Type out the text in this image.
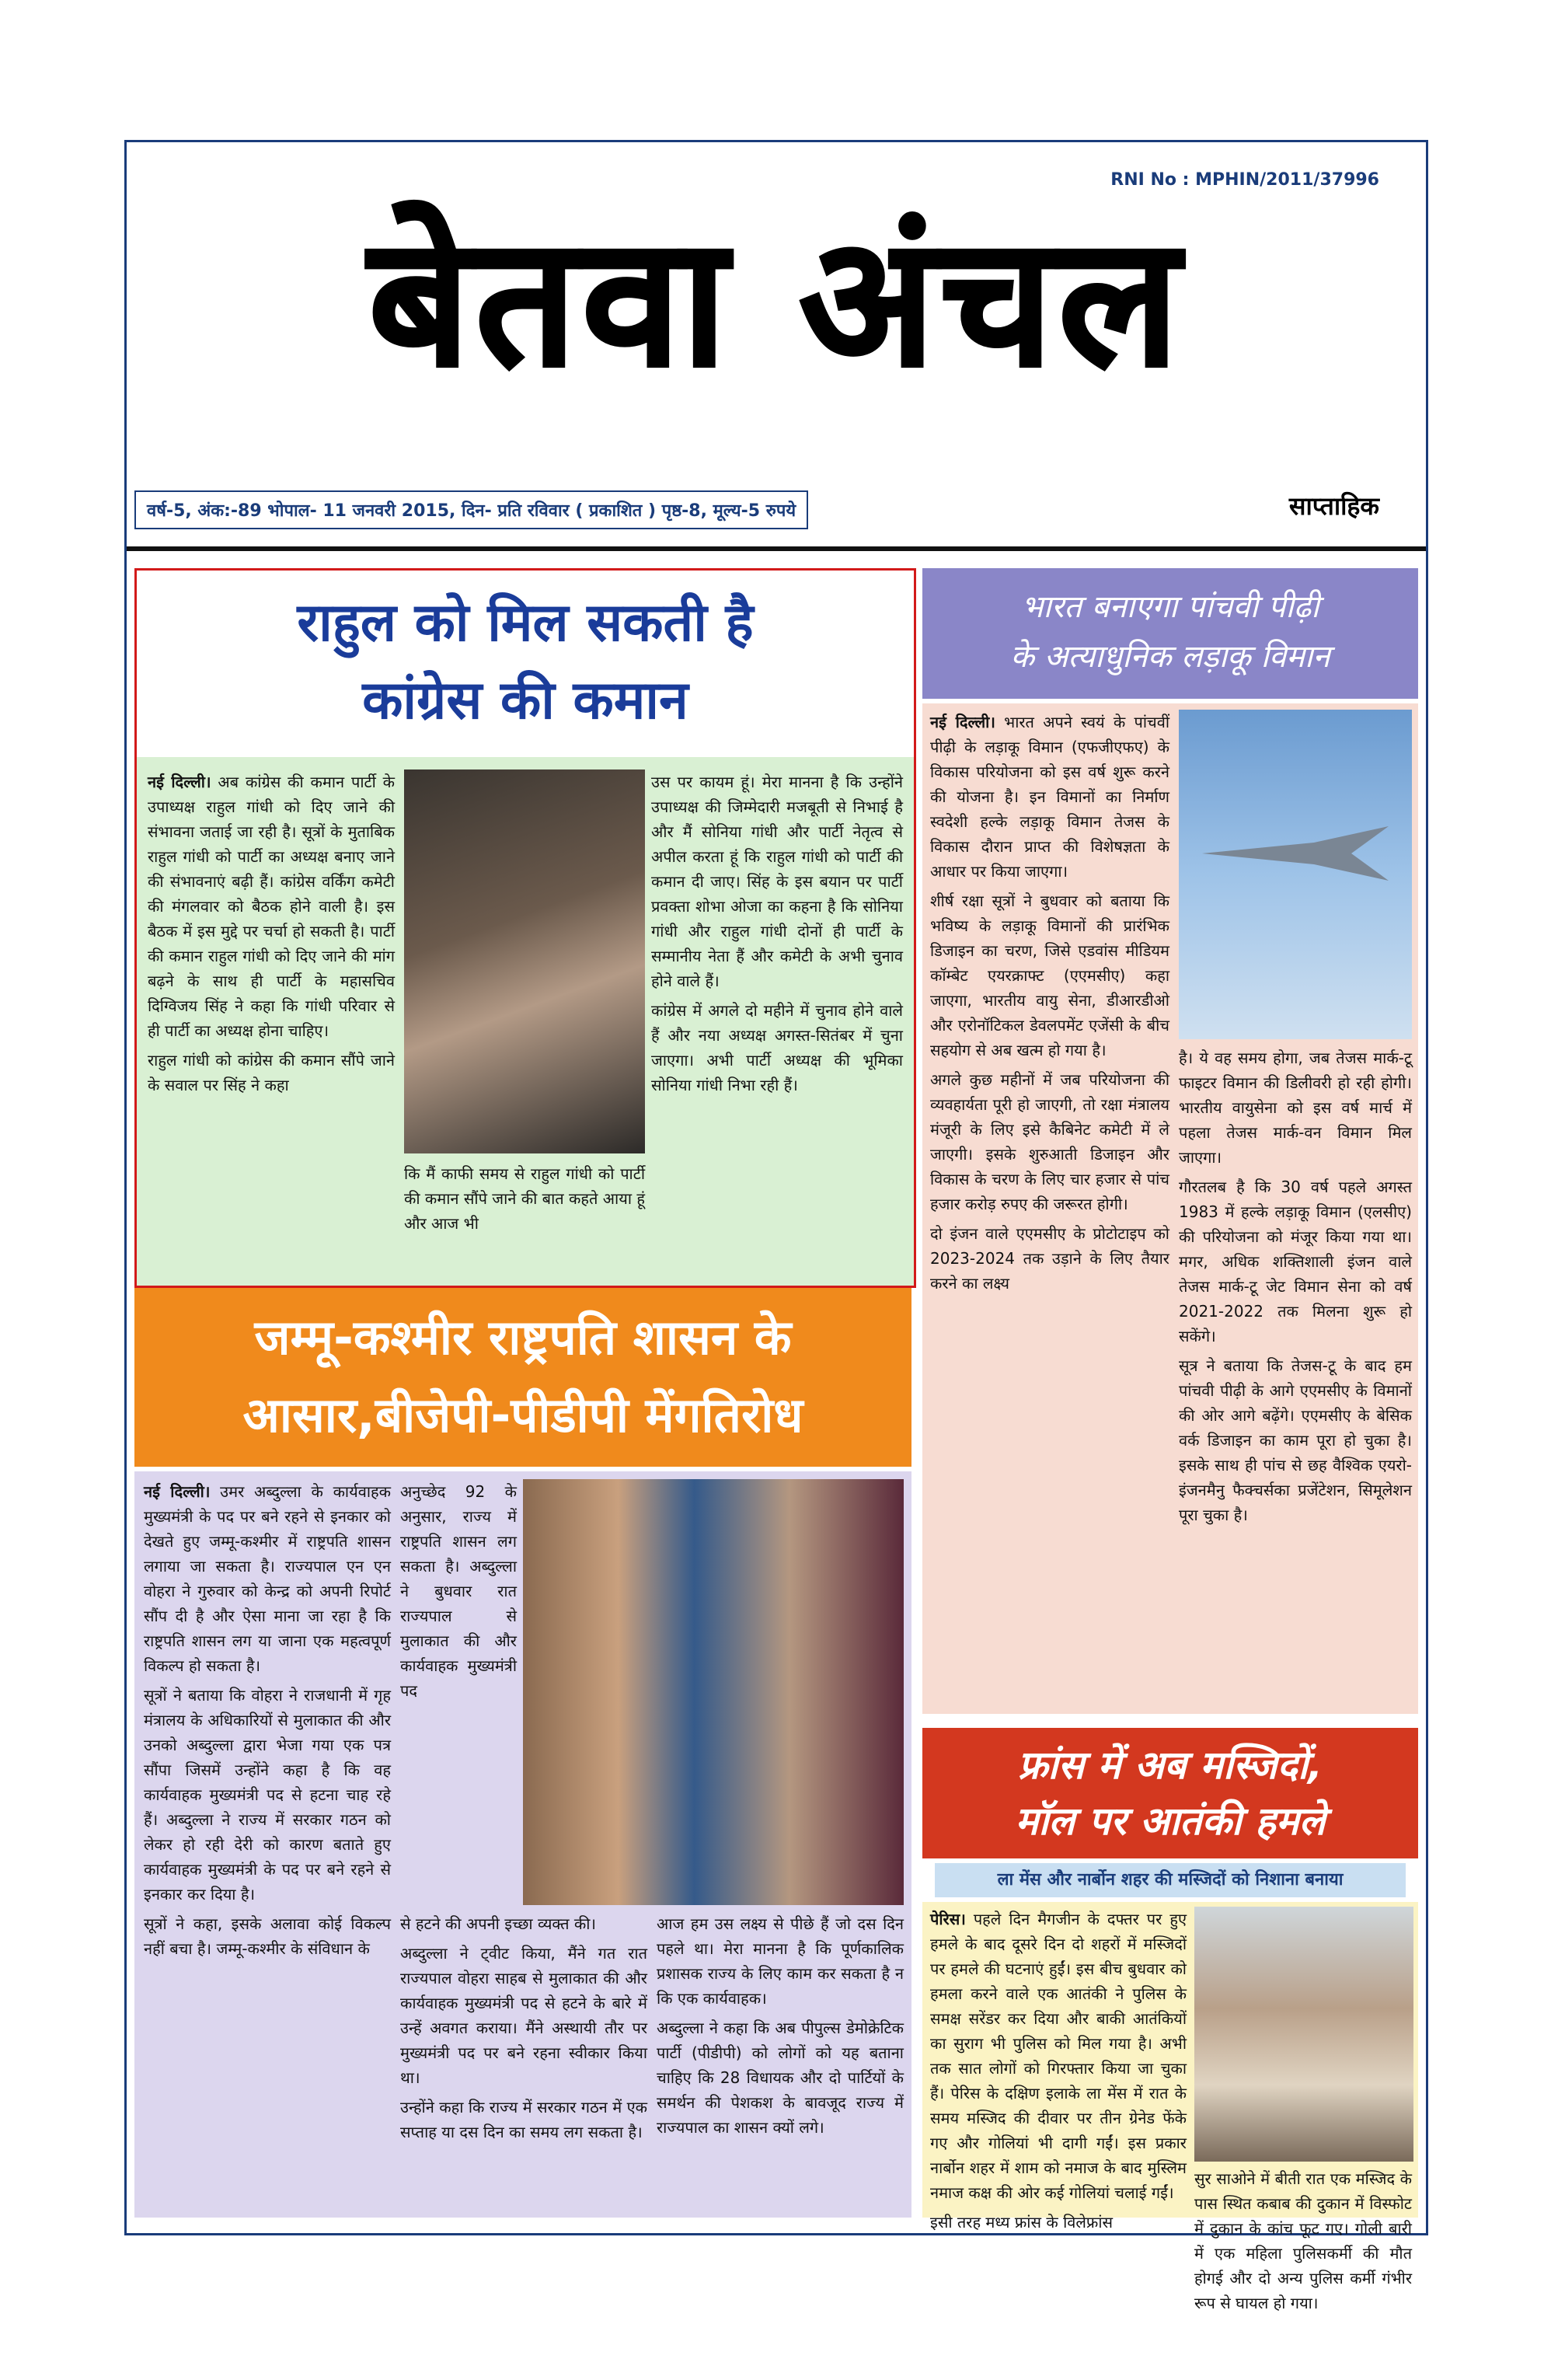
RNI No : MPHIN/2011/37996
बेतवा अंचल
वर्ष-5, अंक:-89 भोपाल- 11 जनवरी 2015, दिन- प्रति रविवार ( प्रकाशित ) पृष्ठ-8, मूल्य-5 रुपये	साप्ताहिक
राहुल को मिल सकती है
कांग्रेस की कमान

नई दिल्ली। अब कांग्रेस की कमान पार्टी के उपाध्यक्ष राहुल गांधी को दिए जाने की संभावना जताई जा रही है। सूत्रों के मुताबिक राहुल गांधी को पार्टी का अध्यक्ष बनाए जाने की संभावनाएं बढ़ी हैं। कांग्रेस वर्किंग कमेटी की मंगलवार को बैठक होने वाली है। इस बैठक में इस मुद्दे पर चर्चा हो सकती है। पार्टी की कमान राहुल गांधी को दिए जाने की मांग बढ़ने के साथ ही पार्टी के महासचिव दिग्विजय सिंह ने कहा कि गांधी परिवार से ही पार्टी का अध्यक्ष होना चाहिए।

राहुल गांधी को कांग्रेस की कमान सौंपे जाने के सवाल पर सिंह ने कहा

कि मैं काफी समय से राहुल गांधी को पार्टी की कमान सौंपे जाने की बात कहते आया हूं और आज भी

उस पर कायम हूं। मेरा मानना है कि उन्होंने उपाध्यक्ष की जिम्मेदारी मजबूती से निभाई है और मैं सोनिया गांधी और पार्टी नेतृत्व से अपील करता हूं कि राहुल गांधी को पार्टी की कमान दी जाए। सिंह के इस बयान पर पार्टी प्रवक्ता शोभा ओजा का कहना है कि सोनिया गांधी और राहुल गांधी दोनों ही पार्टी के सम्मानीय नेता हैं और कमेटी के अभी चुनाव होने वाले हैं।

कांग्रेस में अगले दो महीने में चुनाव होने वाले हैं और नया अध्यक्ष अगस्त-सितंबर में चुना जाएगा। अभी पार्टी अध्यक्ष की भूमिका सोनिया गांधी निभा रही हैं।

जम्मू-कश्मीर राष्ट्रपति शासन के
आसार,बीजेपी-पीडीपी मेंगतिरोध

नई दिल्ली। उमर अब्दुल्ला के कार्यवाहक मुख्यमंत्री के पद पर बने रहने से इनकार को देखते हुए जम्मू-कश्मीर में राष्ट्रपति शासन लगाया जा सकता है। राज्यपाल एन एन वोहरा ने गुरुवार को केन्द्र को अपनी रिपोर्ट सौंप दी है और ऐसा माना जा रहा है कि राष्ट्रपति शासन लग या जाना एक महत्वपूर्ण विकल्प हो सकता है।

सूत्रों ने बताया कि वोहरा ने राजधानी में गृह मंत्रालय के अधिकारियों से मुलाकात की और उनको अब्दुल्ला द्वारा भेजा गया एक पत्र सौंपा जिसमें उन्होंने कहा है कि वह कार्यवाहक मुख्यमंत्री पद से हटना चाह रहे हैं। अब्दुल्ला ने राज्य में सरकार गठन को लेकर हो रही देरी को कारण बताते हुए कार्यवाहक मुख्यमंत्री के पद पर बने रहने से इनकार कर दिया है।

सूत्रों ने कहा, इसके अलावा कोई विकल्प नहीं बचा है। जम्मू-कश्मीर के संविधान के

अनुच्छेद 92 के अनुसार, राज्य में राष्ट्रपति शासन लग सकता है। अब्दुल्ला ने बुधवार रात राज्यपाल से मुलाकात की और कार्यवाहक मुख्यमंत्री पद

से हटने की अपनी इच्छा व्यक्त की।

अब्दुल्ला ने ट्वीट किया, मैंने गत रात राज्यपाल वोहरा साहब से मुलाकात की और कार्यवाहक मुख्यमंत्री पद से हटने के बारे में उन्हें अवगत कराया। मैंने अस्थायी तौर पर मुख्यमंत्री पद पर बने रहना स्वीकार किया था।

उन्होंने कहा कि राज्य में सरकार गठन में एक सप्ताह या दस दिन का समय लग सकता है।

आज हम उस लक्ष्य से पीछे हैं जो दस दिन पहले था। मेरा मानना है कि पूर्णकालिक प्रशासक राज्य के लिए काम कर सकता है न कि एक कार्यवाहक।

अब्दुल्ला ने कहा कि अब पीपुल्स डेमोक्रेटिक पार्टी (पीडीपी) को लोगों को यह बताना चाहिए कि 28 विधायक और दो पार्टियों के समर्थन की पेशकश के बावजूद राज्य में राज्यपाल का शासन क्यों लगे।

भारत बनाएगा पांचवी पीढ़ी
के अत्याधुनिक लड़ाकू विमान

नई दिल्ली। भारत अपने स्वयं के पांचवीं पीढ़ी के लड़ाकू विमान (एफजीएफए) के विकास परियोजना को इस वर्ष शुरू करने की योजना है। इन विमानों का निर्माण स्वदेशी हल्के लड़ाकू विमान तेजस के विकास दौरान प्राप्त की विशेषज्ञता के आधार पर किया जाएगा।

शीर्ष रक्षा सूत्रों ने बुधवार को बताया कि भविष्य के लड़ाकू विमानों की प्रारंभिक डिजाइन का चरण, जिसे एडवांस मीडियम कॉम्बेट एयरक्राफ्ट (एएमसीए) कहा जाएगा, भारतीय वायु सेना, डीआरडीओ और एरोनॉटिकल डेवलपमेंट एजेंसी के बीच सहयोग से अब खत्म हो गया है।

अगले कुछ महीनों में जब परियोजना की व्यवहार्यता पूरी हो जाएगी, तो रक्षा मंत्रालय मंजूरी के लिए इसे कैबिनेट कमेटी में ले जाएगी। इसके शुरुआती डिजाइन और विकास के चरण के लिए चार हजार से पांच हजार करोड़ रुपए की जरूरत होगी।

दो इंजन वाले एएमसीए के प्रोटोटाइप को 2023-2024 तक उड़ाने के लिए तैयार करने का लक्ष्य

है। ये वह समय होगा, जब तेजस मार्क-टू फाइटर विमान की डिलीवरी हो रही होगी। भारतीय वायुसेना को इस वर्ष मार्च में पहला तेजस मार्क-वन विमान मिल जाएगा।

गौरतलब है कि 30 वर्ष पहले अगस्त 1983 में हल्के लड़ाकू विमान (एलसीए) की परियोजना को मंजूर किया गया था। मगर, अधिक शक्तिशाली इंजन वाले तेजस मार्क-टू जेट विमान सेना को वर्ष 2021-2022 तक मिलना शुरू हो सकेंगे।

सूत्र ने बताया कि तेजस-टू के बाद हम पांचवी पीढ़ी के आगे एएमसीए के विमानों की ओर आगे बढ़ेंगे। एएमसीए के बेसिक वर्क डिजाइन का काम पूरा हो चुका है। इसके साथ ही पांच से छह वैश्विक एयरो-इंजनमैनु फैक्चर्सका प्रजेंटेशन, सिमूलेशन पूरा चुका है।

फ्रांस में अब मस्जिदों,
मॉल पर आतंकी हमले
ला मेंस और नार्बोन शहर की मस्जिदों को निशाना बनाया

पेरिस। पहले दिन मैगजीन के दफ्तर पर हुए हमले के बाद दूसरे दिन दो शहरों में मस्जिदों पर हमले की घटनाएं हुईं। इस बीच बुधवार को हमला करने वाले एक आतंकी ने पुलिस के समक्ष सरेंडर कर दिया और बाकी आतंकियों का सुराग भी पुलिस को मिल गया है। अभी तक सात लोगों को गिरफ्तार किया जा चुका हैं। पेरिस के दक्षिण इलाके ला मेंस में रात के समय मस्जिद की दीवार पर तीन ग्रेनेड फेंके गए और गोलियां भी दागी गईं। इस प्रकार नार्बोन शहर में शाम को नमाज के बाद मुस्लिम नमाज कक्ष की ओर कई गोलियां चलाई गईं।

इसी तरह मध्य फ्रांस के विलेफ्रांस

सुर साओने में बीती रात एक मस्जिद के पास स्थित कबाब की दुकान में विस्फोट में दुकान के कांच फूट गए। गोली बारी में एक महिला पुलिसकर्मी की मौत होगई और दो अन्य पुलिस कर्मी गंभीर रूप से घायल हो गया।
